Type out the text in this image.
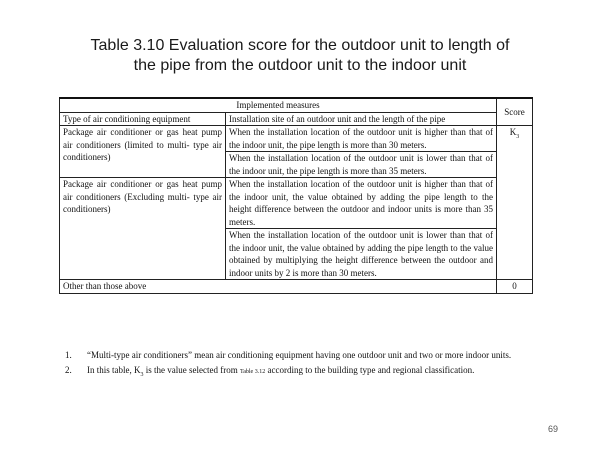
Table 3.10 Evaluation score for the outdoor unit to length of
the pipe from the outdoor unit to the indoor unit
Implemented measures		Score
Type of air conditioning equipment	Installation site of an outdoor unit and the length of the pipe	
Package air conditioner or gas heat pump air conditioners (limited to multi- type air conditioners)	When the installation location of the outdoor unit is higher than that of the indoor unit, the pipe length is more than 30 meters.	$K_3$
	When the installation location of the outdoor unit is lower than that of the indoor unit, the pipe length is more than 35 meters.	
Package air conditioner or gas heat pump air conditioners (Excluding multi- type air conditioners)	When the installation location of the outdoor unit is higher than that of the indoor unit, the value obtained by adding the pipe length to the height difference between the outdoor and indoor units is more than 35 meters.	
	When the installation location of the outdoor unit is lower than that of the indoor unit, the value obtained by adding the pipe length to the value obtained by multiplying the height difference between the outdoor and indoor units by 2 is more than 30 meters.	
Other than those above		0
1.	“Multi-type air conditioners” mean air conditioning equipment having one outdoor unit and two or more indoor units.
2.	In this table, $K_3$ is the value selected from Table 3.12 according to the building type and regional classification.
69
